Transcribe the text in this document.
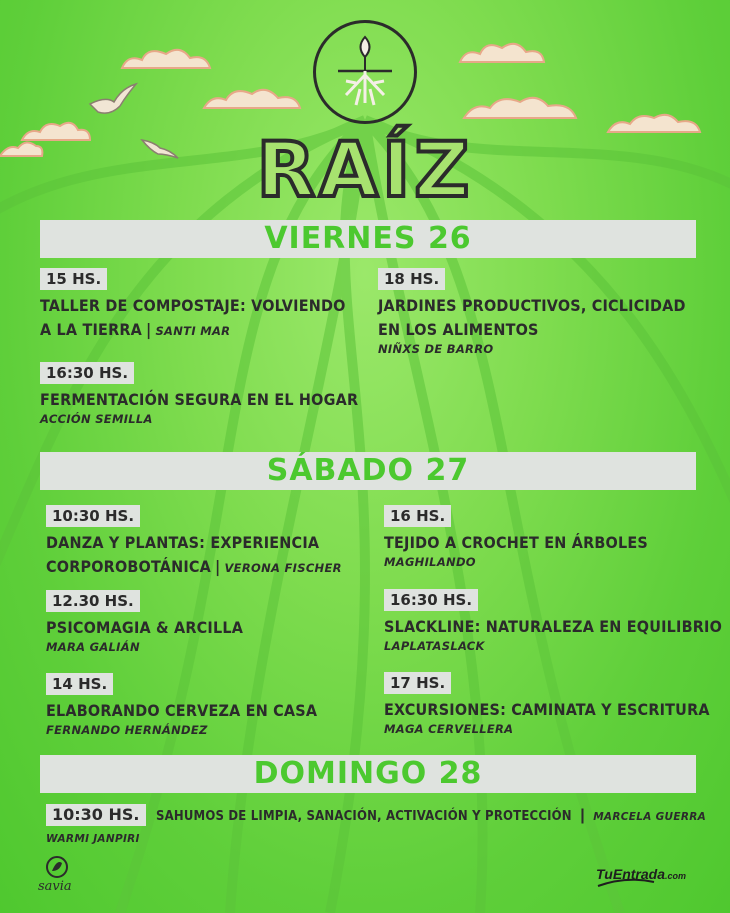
RAÍZ
VIERNES 26
15 HS.
TALLER DE COMPOSTAJE: VOLVIENDO
A LA TIERRA | SANTI MAR
16:30 HS.
FERMENTACIÓN SEGURA EN EL HOGAR
ACCIÓN SEMILLA
18 HS.
JARDINES PRODUCTIVOS, CICLICIDAD
EN LOS ALIMENTOS
NIÑXS DE BARRO
SÁBADO 27
10:30 HS.
DANZA Y PLANTAS: EXPERIENCIA
CORPOROBOTÁNICA | VERONA FISCHER
12.30 HS.
PSICOMAGIA & ARCILLA
MARA GALIÁN
14 HS.
ELABORANDO CERVEZA EN CASA
FERNANDO HERNÁNDEZ
16 HS.
TEJIDO A CROCHET EN ÁRBOLES
MAGHILANDO
16:30 HS.
SLACKLINE: NATURALEZA EN EQUILIBRIO
LAPLATASLACK
17 HS.
EXCURSIONES: CAMINATA Y ESCRITURA
MAGA CERVELLERA
DOMINGO 28
10:30 HS. SAHUMOS DE LIMPIA, SANACIÓN, ACTIVACIÓN Y PROTECCIÓN | MARCELA GUERRA WARMI JANPIRI
savia
TuEntrada.com
